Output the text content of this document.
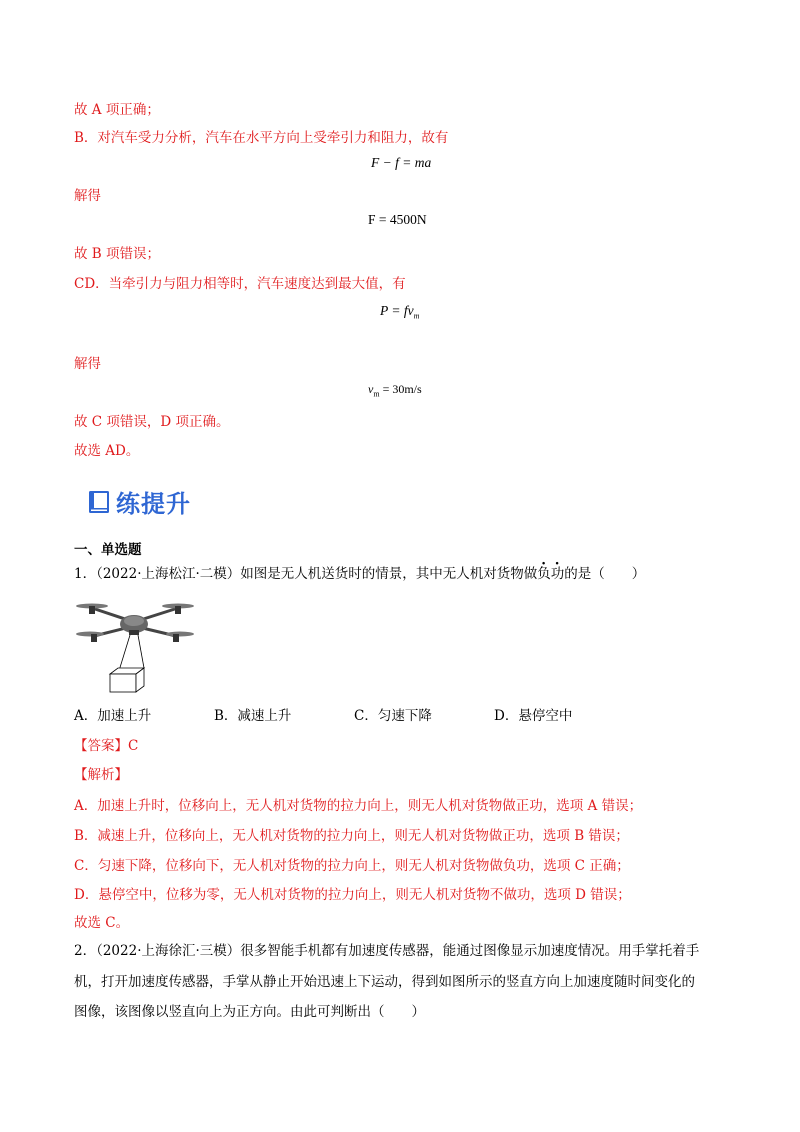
故 A 项正确；
B．对汽车受力分析，汽车在水平方向上受牵引力和阻力，故有
F − f = ma
解得
F = 4500N
故 B 项错误；
CD．当牵引力与阻力相等时，汽车速度达到最大值，有
$P = fv_m$
解得
$v_m = 30m/s$
故 C 项错误，D 项正确。
故选 AD。
练提升
一、单选题
1．（2022·上海松江·二模）如图是无人机送货时的情景，其中无人机对货物做负功的是（　　）
A．加速上升	B．减速上升	C．匀速下降	D．悬停空中
【答案】C
【解析】
A．加速上升时，位移向上，无人机对货物的拉力向上，则无人机对货物做正功，选项 A 错误；
B．减速上升，位移向上，无人机对货物的拉力向上，则无人机对货物做正功，选项 B 错误；
C．匀速下降，位移向下，无人机对货物的拉力向上，则无人机对货物做负功，选项 C 正确；
D．悬停空中，位移为零，无人机对货物的拉力向上，则无人机对货物不做功，选项 D 错误；
故选 C。
2．（2022·上海徐汇·三模）很多智能手机都有加速度传感器，能通过图像显示加速度情况。用手掌托着手
机，打开加速度传感器，手掌从静止开始迅速上下运动，得到如图所示的竖直方向上加速度随时间变化的
图像，该图像以竖直向上为正方向。由此可判断出（　　）
